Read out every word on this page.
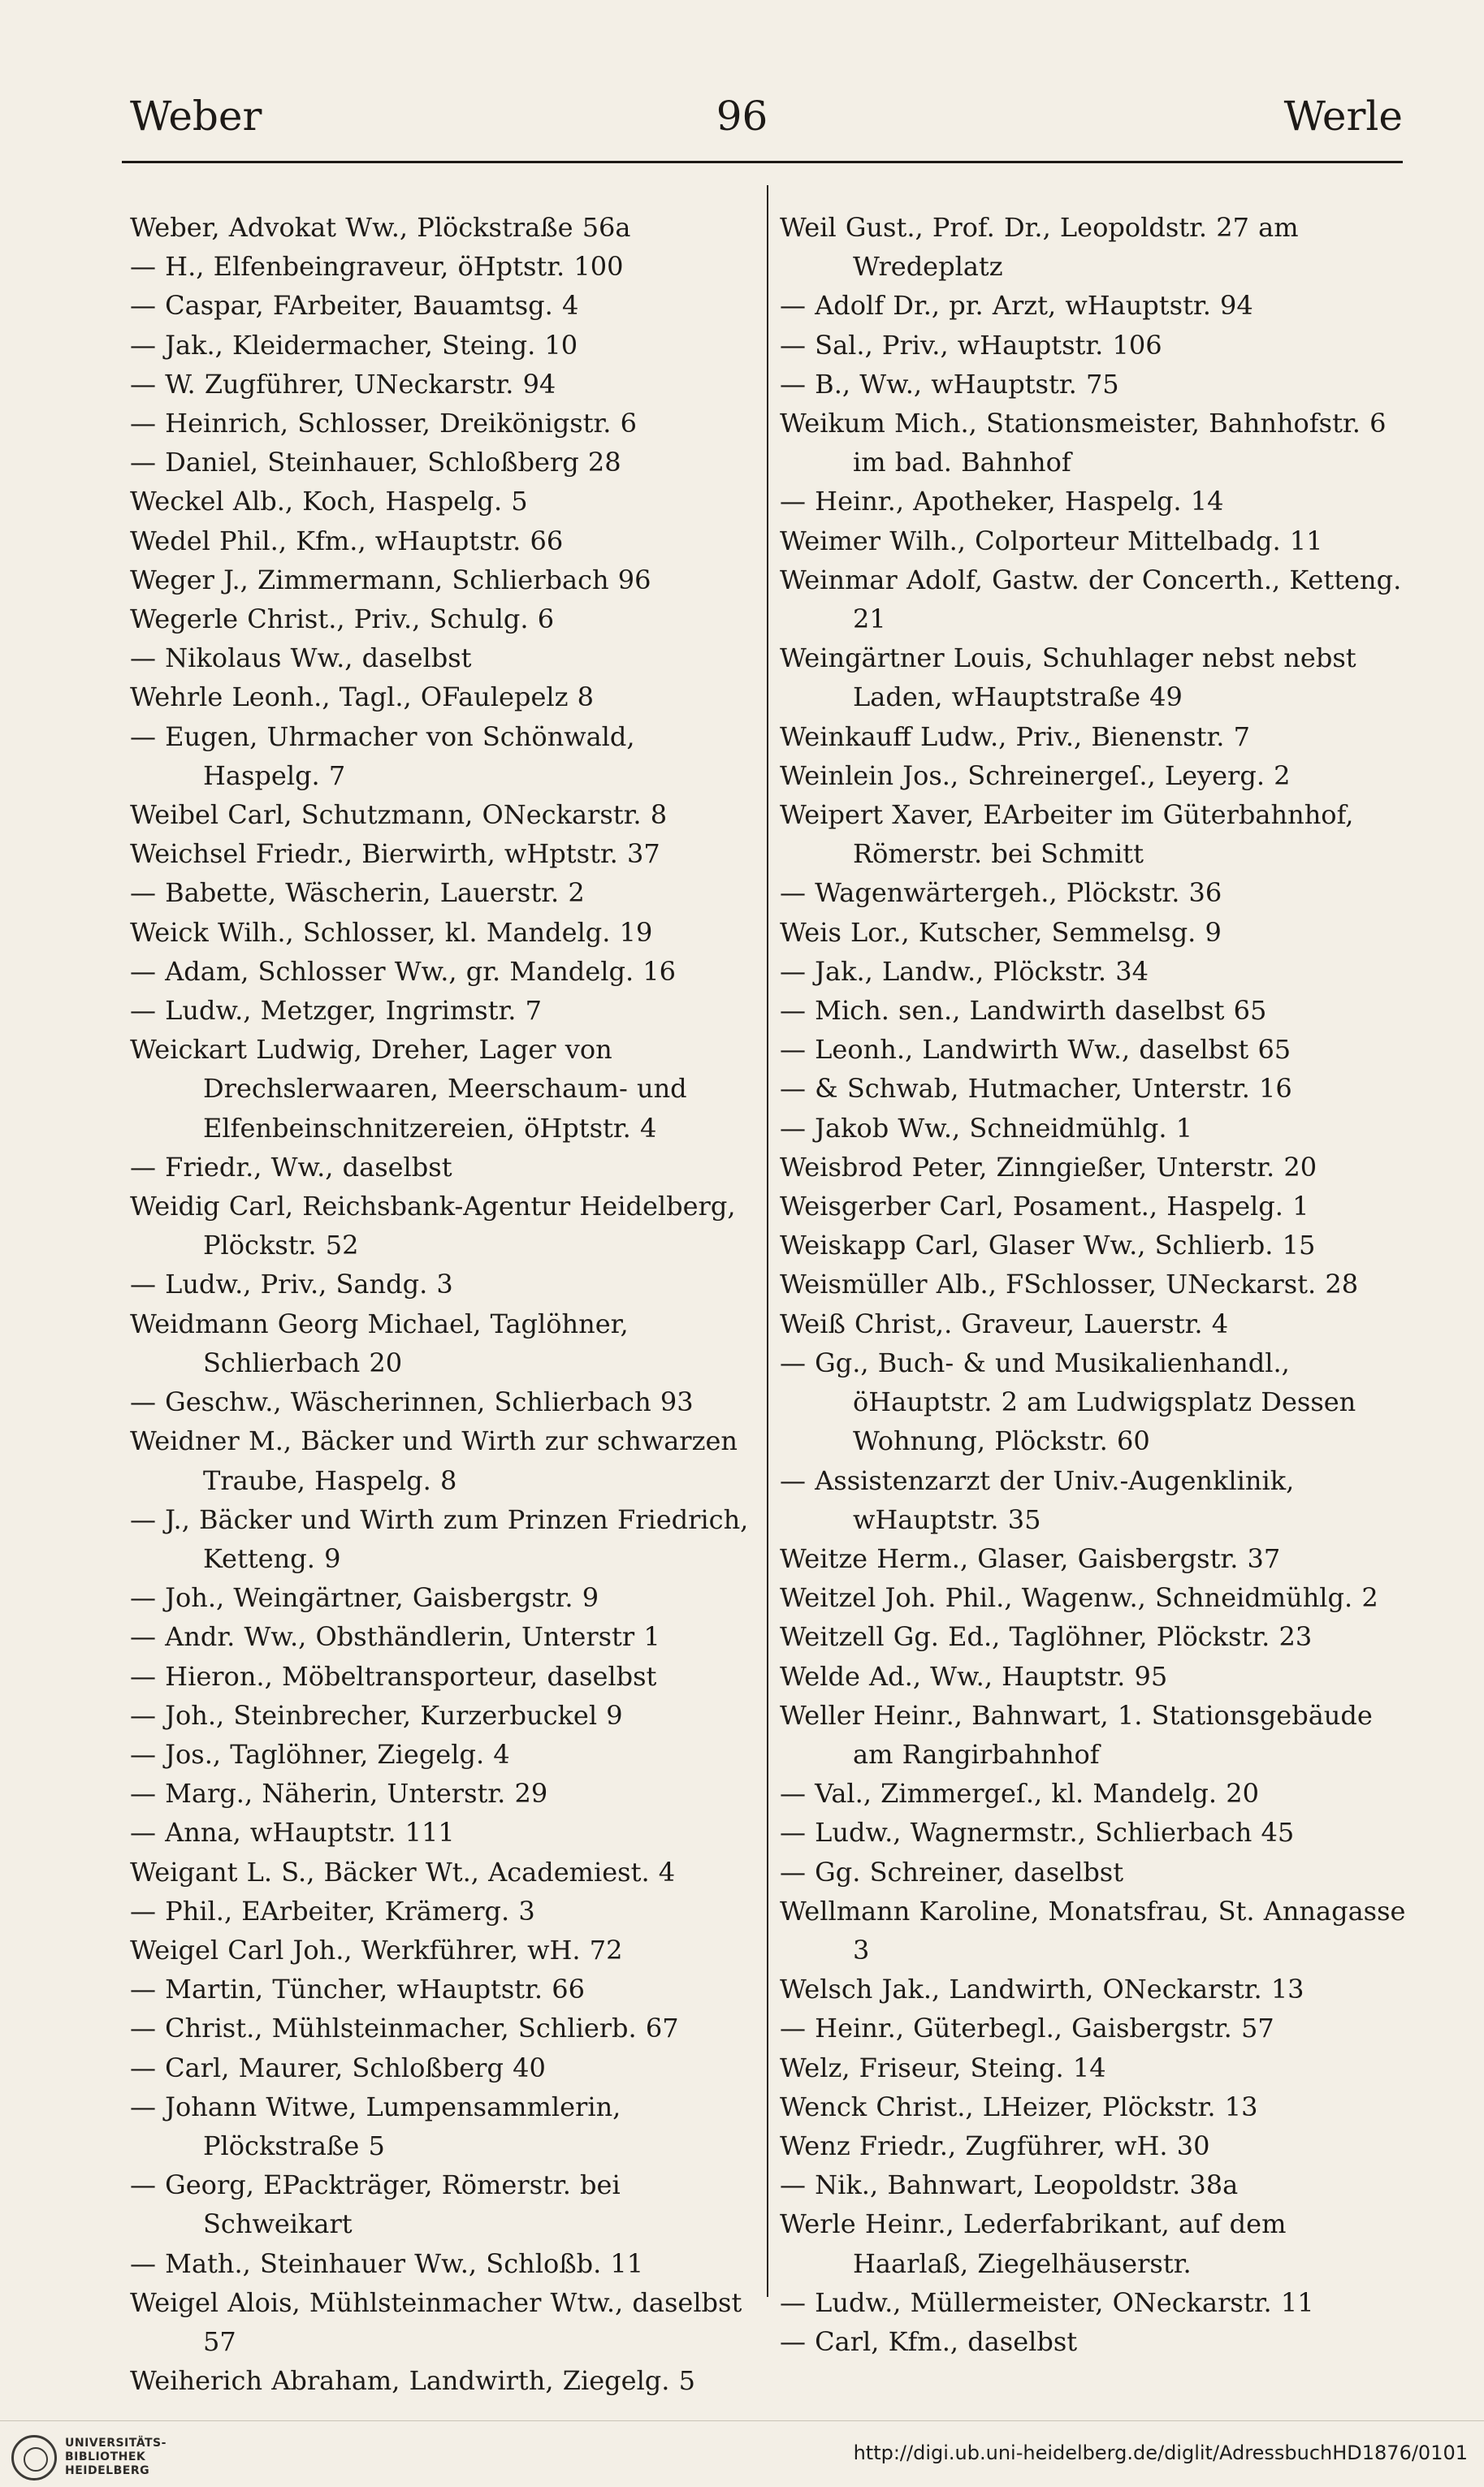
Weber	96	Werle
Weber, Advokat Ww., Plöckstraße 56a
— H., Elfenbeingraveur, öHptstr. 100
— Caspar, FArbeiter, Bauamtsg. 4
— Jak., Kleidermacher, Steing. 10
— W. Zugführer, UNeckarstr. 94
— Heinrich, Schlosser, Dreikönigstr. 6
— Daniel, Steinhauer, Schloßberg 28
Weckel Alb., Koch, Haspelg. 5
Wedel Phil., Kfm., wHauptstr. 66
Weger J., Zimmermann, Schlierbach 96
Wegerle Christ., Priv., Schulg. 6
— Nikolaus Ww., daselbst
Wehrle Leonh., Tagl., OFaulepelz 8
— Eugen, Uhrmacher von Schönwald, Haspelg. 7
Weibel Carl, Schutzmann, ONeckarstr. 8
Weichsel Friedr., Bierwirth, wHptstr. 37
— Babette, Wäscherin, Lauerstr. 2
Weick Wilh., Schlosser, kl. Mandelg. 19
— Adam, Schlosser Ww., gr. Mandelg. 16
— Ludw., Metzger, Ingrimstr. 7
Weickart Ludwig, Dreher, Lager von Drechslerwaaren, Meerschaum- und Elfenbeinschnitzereien, öHptstr. 4
— Friedr., Ww., daselbst
Weidig Carl, Reichsbank-Agentur Heidelberg, Plöckstr. 52
— Ludw., Priv., Sandg. 3
Weidmann Georg Michael, Taglöhner, Schlierbach 20
— Geschw., Wäscherinnen, Schlierbach 93
Weidner M., Bäcker und Wirth zur schwarzen Traube, Haspelg. 8
— J., Bäcker und Wirth zum Prinzen Friedrich, Ketteng. 9
— Joh., Weingärtner, Gaisbergstr. 9
— Andr. Ww., Obsthändlerin, Unterstr 1
— Hieron., Möbeltransporteur, daselbst
— Joh., Steinbrecher, Kurzerbuckel 9
— Jos., Taglöhner, Ziegelg. 4
— Marg., Näherin, Unterstr. 29
— Anna, wHauptstr. 111
Weigant L. S., Bäcker Wt., Academiest. 4
— Phil., EArbeiter, Krämerg. 3
Weigel Carl Joh., Werkführer, wH. 72
— Martin, Tüncher, wHauptstr. 66
— Christ., Mühlsteinmacher, Schlierb. 67
— Carl, Maurer, Schloßberg 40
— Johann Witwe, Lumpensammlerin, Plöckstraße 5
— Georg, EPackträger, Römerstr. bei Schweikart
— Math., Steinhauer Ww., Schloßb. 11
Weigel Alois, Mühlsteinmacher Wtw., daselbst 57
Weiherich Abraham, Landwirth, Ziegelg. 5
Weil Gust., Prof. Dr., Leopoldstr. 27 am Wredeplatz
— Adolf Dr., pr. Arzt, wHauptstr. 94
— Sal., Priv., wHauptstr. 106
— B., Ww., wHauptstr. 75
Weikum Mich., Stationsmeister, Bahnhofstr. 6 im bad. Bahnhof
— Heinr., Apotheker, Haspelg. 14
Weimer Wilh., Colporteur Mittelbadg. 11
Weinmar Adolf, Gastw. der Concerth., Ketteng. 21
Weingärtner Louis, Schuhlager nebst nebst Laden, wHauptstraße 49
Weinkauff Ludw., Priv., Bienenstr. 7
Weinlein Jos., Schreinergeſ., Leyerg. 2
Weipert Xaver, EArbeiter im Güterbahnhof, Römerstr. bei Schmitt
— Wagenwärtergeh., Plöckstr. 36
Weis Lor., Kutscher, Semmelsg. 9
— Jak., Landw., Plöckstr. 34
— Mich. sen., Landwirth daselbst 65
— Leonh., Landwirth Ww., daselbst 65
— & Schwab, Hutmacher, Unterstr. 16
— Jakob Ww., Schneidmühlg. 1
Weisbrod Peter, Zinngießer, Unterstr. 20
Weisgerber Carl, Posament., Haspelg. 1
Weiskapp Carl, Glaser Ww., Schlierb. 15
Weismüller Alb., FSchlosser, UNeckarst. 28
Weiß Christ,. Graveur, Lauerstr. 4
— Gg., Buch- & und Musikalienhandl., öHauptstr. 2 am Ludwigsplatz Dessen Wohnung, Plöckstr. 60
— Assistenzarzt der Univ.-Augenklinik, wHauptstr. 35
Weitze Herm., Glaser, Gaisbergstr. 37
Weitzel Joh. Phil., Wagenw., Schneidmühlg. 2
Weitzell Gg. Ed., Taglöhner, Plöckstr. 23
Welde Ad., Ww., Hauptstr. 95
Weller Heinr., Bahnwart, 1. Stationsgebäude am Rangirbahnhof
— Val., Zimmergeſ., kl. Mandelg. 20
— Ludw., Wagnermstr., Schlierbach 45
— Gg. Schreiner, daselbst
Wellmann Karoline, Monatsfrau, St. Annagasse 3
Welsch Jak., Landwirth, ONeckarstr. 13
— Heinr., Güterbegl., Gaisbergstr. 57
Welz, Friseur, Steing. 14
Wenck Christ., LHeizer, Plöckstr. 13
Wenz Friedr., Zugführer, wH. 30
— Nik., Bahnwart, Leopoldstr. 38a
Werle Heinr., Lederfabrikant, auf dem Haarlaß, Ziegelhäuserstr.
— Ludw., Müllermeister, ONeckarstr. 11
— Carl, Kfm., daselbst
UNIVERSITÄTS-
BIBLIOTHEK
HEIDELBERG
http://digi.ub.uni-heidelberg.de/diglit/AdressbuchHD1876/0101
